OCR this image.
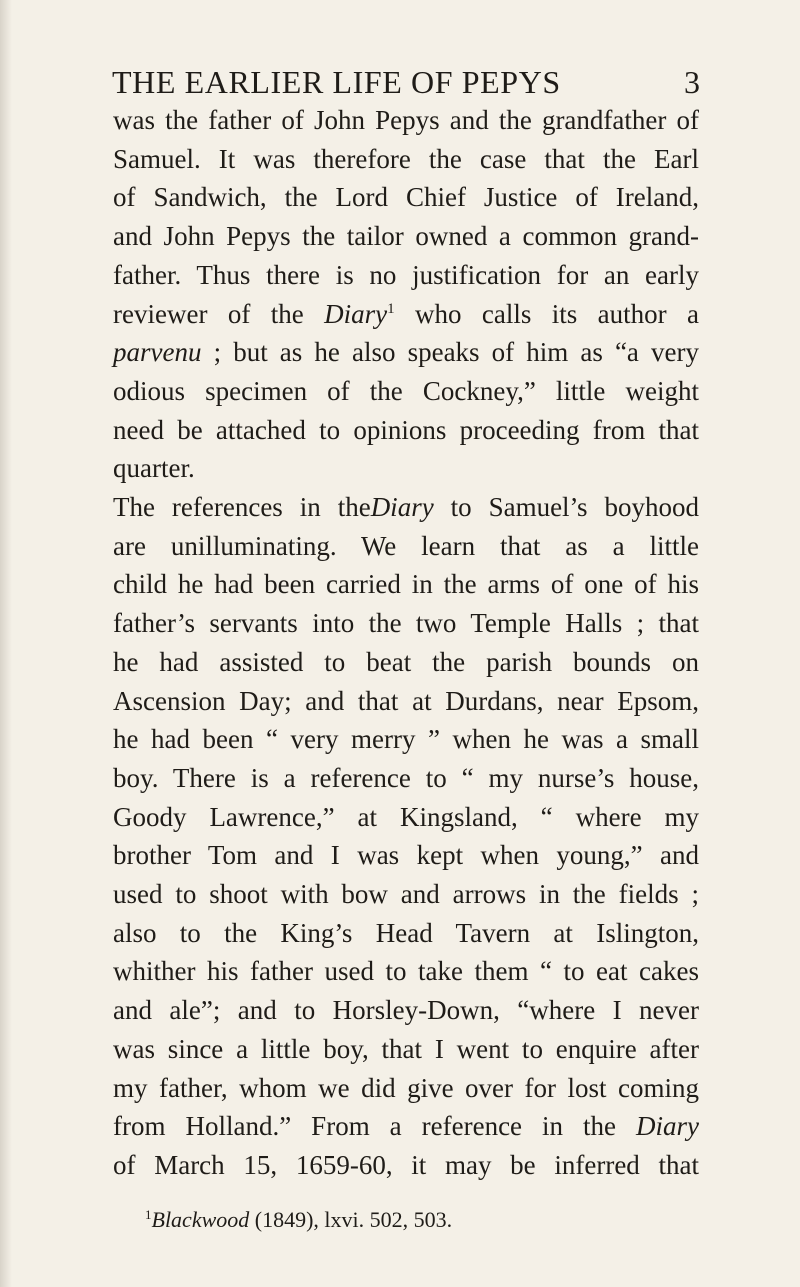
THE EARLIER LIFE OF PEPYS	3
was the father of John Pepys and the grandfather of
Samuel. It was therefore the case that the Earl
of Sandwich, the Lord Chief Justice of Ireland,
and John Pepys the tailor owned a common grand-
father. Thus there is no justification for an early
reviewer of the Diary$^1$ who calls its author a
parvenu ; but as he also speaks of him as “a very
odious specimen of the Cockney,” little weight
need be attached to opinions proceeding from that
quarter.
The references in theDiary to Samuel’s boyhood
are unilluminating. We learn that as a little
child he had been carried in the arms of one of his
father’s servants into the two Temple Halls ; that
he had assisted to beat the parish bounds on
Ascension Day; and that at Durdans, near Epsom,
he had been “ very merry ” when he was a small
boy. There is a reference to “ my nurse’s house,
Goody Lawrence,” at Kingsland, “ where my
brother Tom and I was kept when young,” and
used to shoot with bow and arrows in the fields ;
also to the King’s Head Tavern at Islington,
whither his father used to take them “ to eat cakes
and ale”; and to Horsley-Down, “where I never
was since a little boy, that I went to enquire after
my father, whom we did give over for lost coming
from Holland.” From a reference in the Diary
of March 15, 1659-60, it may be inferred that
$^1$Blackwood (1849), lxvi. 502, 503.
